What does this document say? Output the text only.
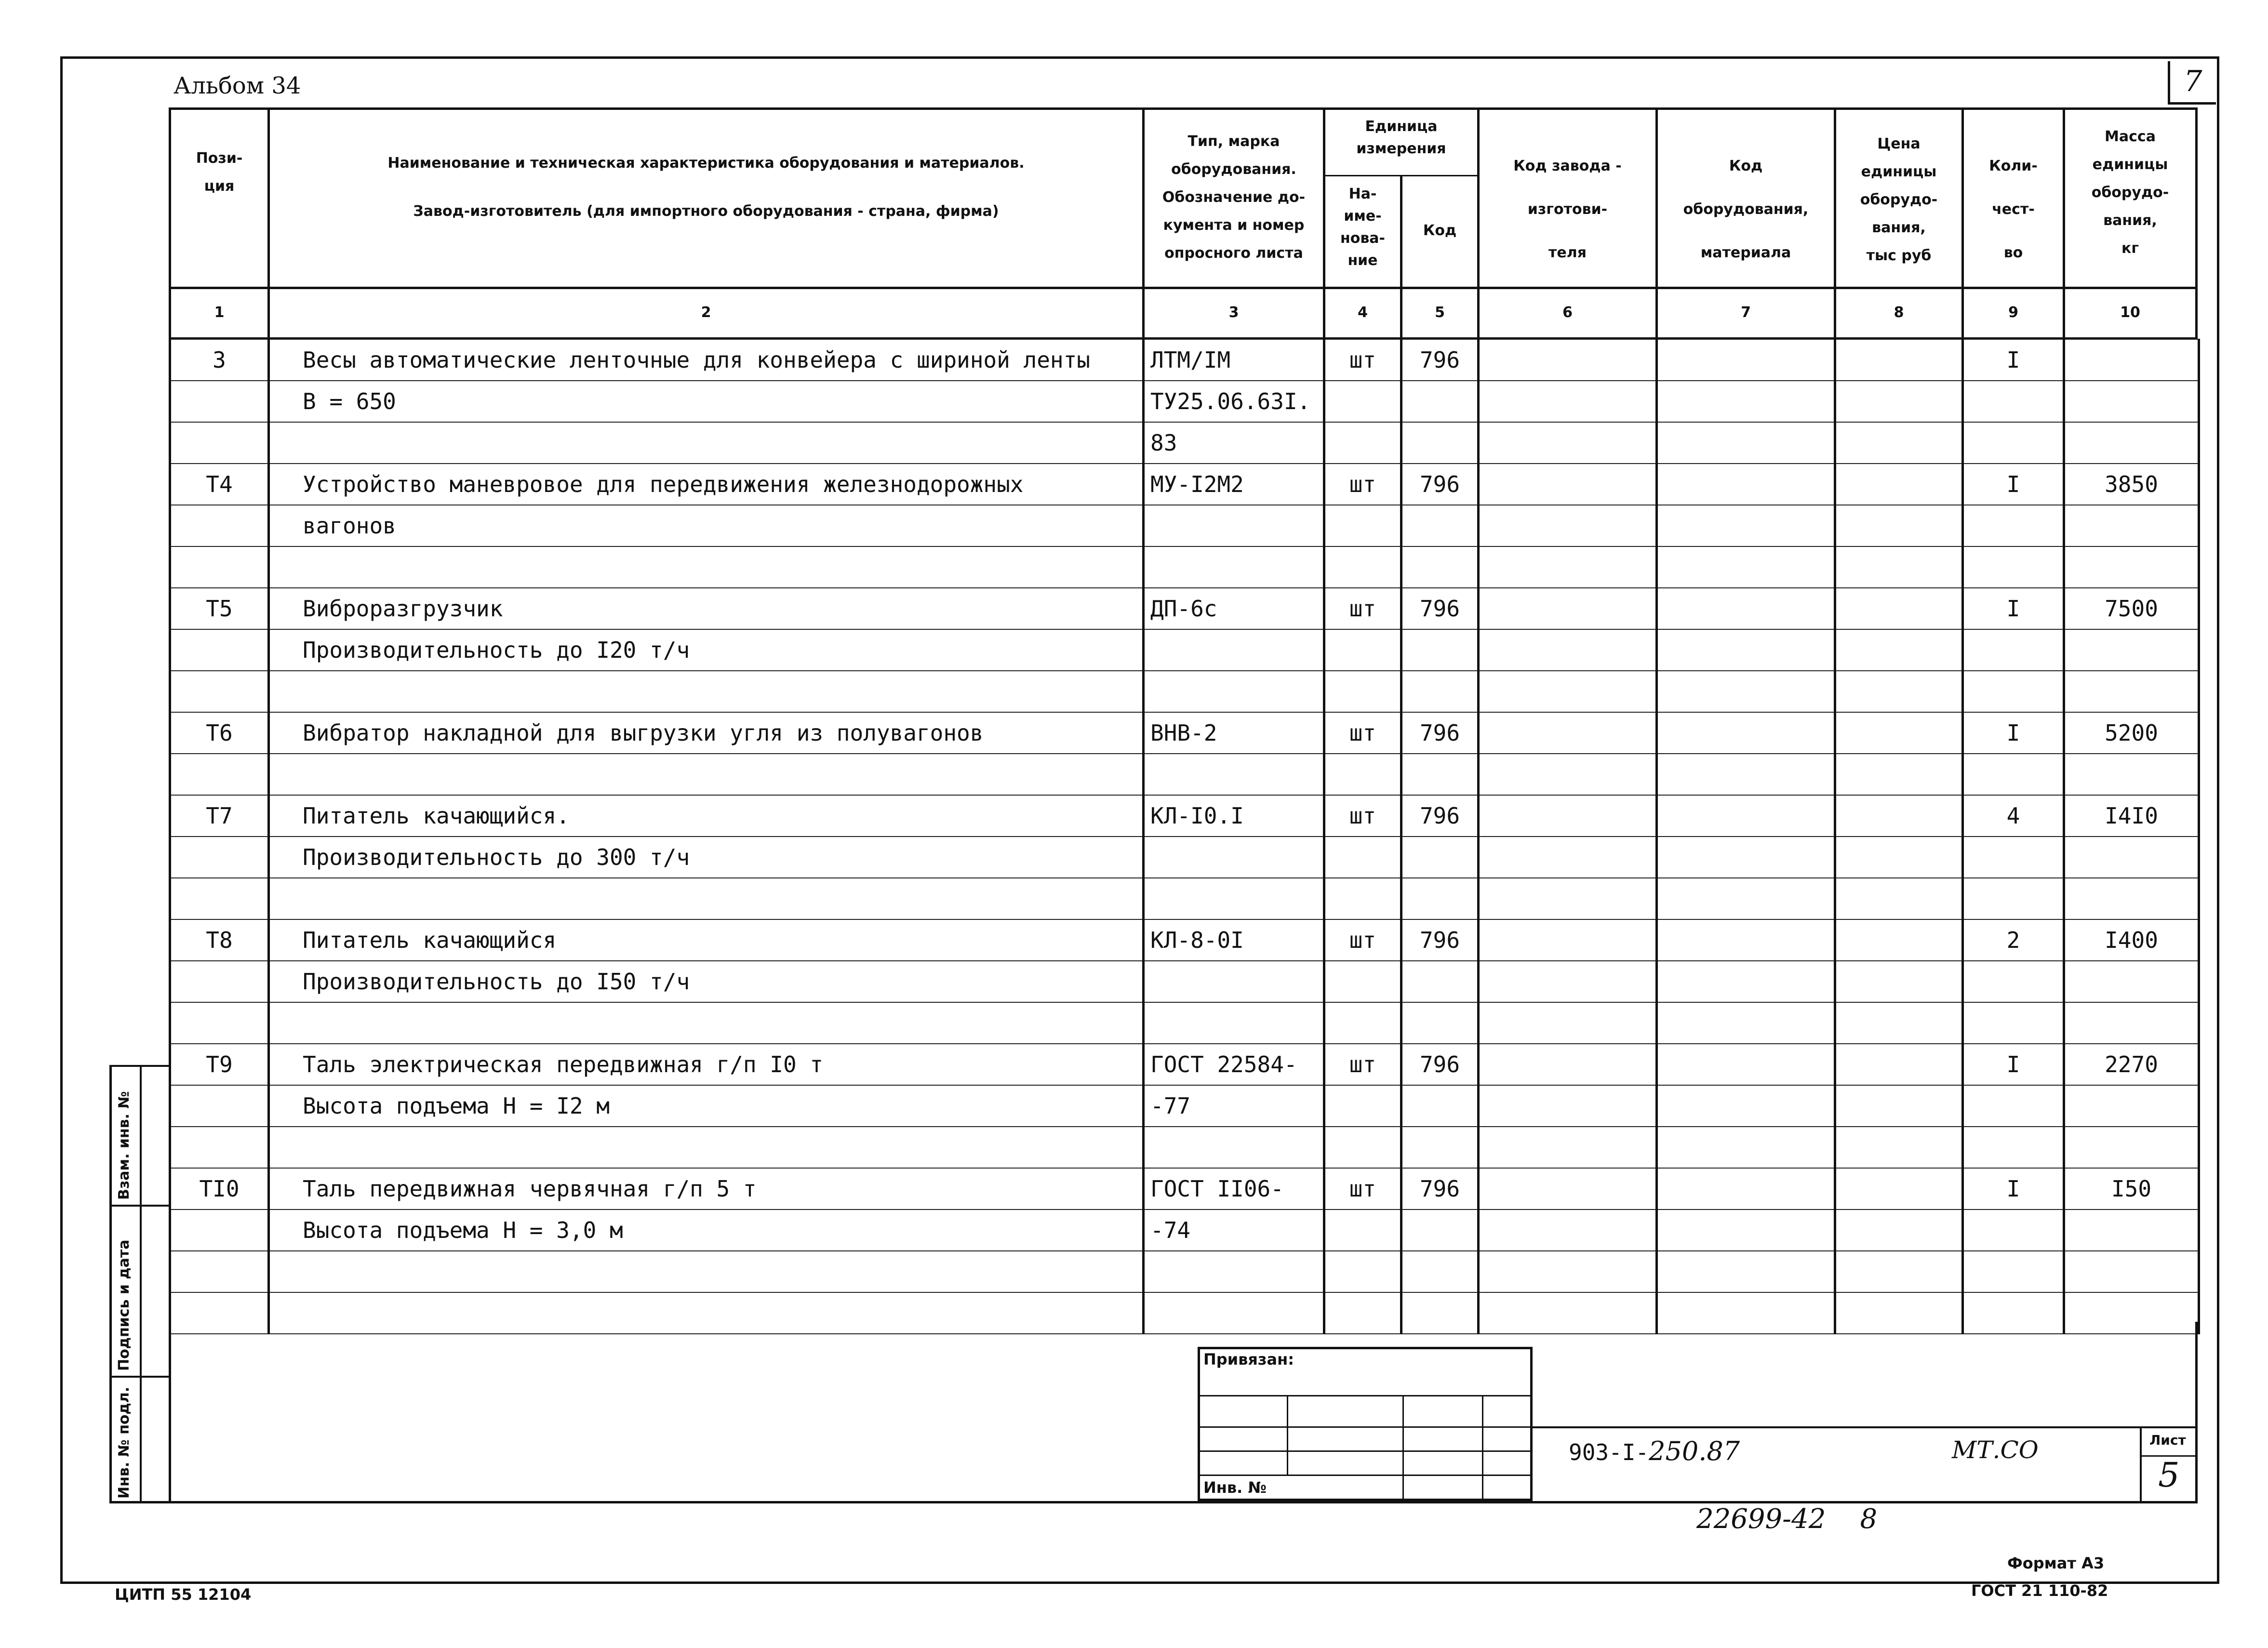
Альбом 34	7
Пози-
ция
Наименование и техническая характеристика оборудования и материалов.
Завод-изготовитель (для импортного оборудования - страна, фирма)
Тип, марка
оборудования.
Обозначение до-
кумента и номер
опросного листа
Единица
измерения
На-
име-
нова-
ние
Код
Код завода -
изготови-
теля
Код
оборудования,
материала
Цена
единицы
оборудо-
вания,
тыс руб
Коли-
чест-
во
Масса
единицы
оборудо-
вания,
кг
1	2	3	4	5	6	7	8	9	10
3	Весы автоматические ленточные для конвейера с шириной ленты	ЛТМ/IМ	шт	796				I	
	В = 650	ТУ25.06.63I.							
		83							
Т4	Устройство маневровое для передвижения железнодорожных	МУ-I2М2	шт	796				I	3850
	вагонов								

Т5	Виброразгрузчик	ДП-6с	шт	796				I	7500
	Производительность до I20 т/ч								

Т6	Вибратор накладной для выгрузки угля из полувагонов	ВНВ-2	шт	796				I	5200

Т7	Питатель качающийся.	КЛ-I0.I	шт	796				4	I4I0
	Производительность до 300 т/ч								

Т8	Питатель качающийся	КЛ-8-0I	шт	796				2	I400
	Производительность до I50 т/ч								

Т9	Таль электрическая передвижная г/п I0 т	ГОСТ 22584-	шт	796				I	2270
	Высота подъема Н = I2 м	-77							

ТI0	Таль передвижная червячная г/п 5 т	ГОСТ II06-	шт	796				I	I50
	Высота подъема Н = 3,0 м	-74							

Взам. инв. №
Подпись и дата
Инв. № подл.
Привязан:
Инв. №
903-I-250.87	МТ.СО	Лист
5
22699-42    8
Формат А3
ГОСТ 21 110-82
ЦИТП 55 12104
